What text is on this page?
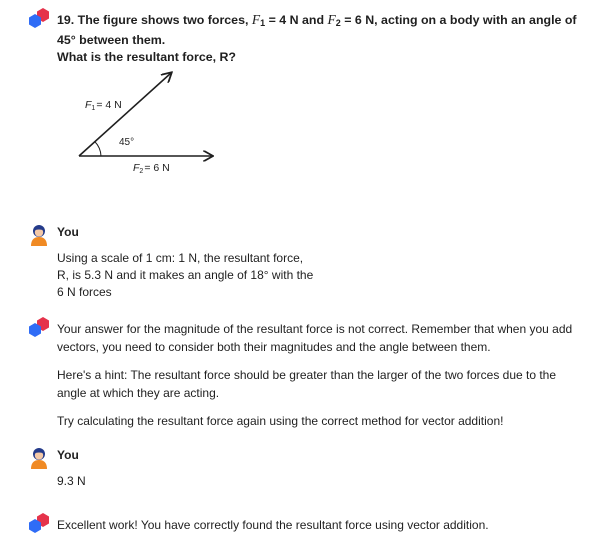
19. The figure shows two forces, $F_1 = 4$ N and $F_2 = 6$ N, acting on a body with an angle of 45° between them.
What is the resultant force, R?
F1= 4 N
45°
F2= 6 N
You

Using a scale of 1 cm: 1 N, the resultant force,
R, is 5.3 N and it makes an angle of 18° with the
6 N forces

Your answer for the magnitude of the resultant force is not correct. Remember that when you add vectors, you need to consider both their magnitudes and the angle between them.

Here's a hint: The resultant force should be greater than the larger of the two forces due to the angle at which they are acting.

Try calculating the resultant force again using the correct method for vector addition!

You

9.3 N

Excellent work! You have correctly found the resultant force using vector addition.
